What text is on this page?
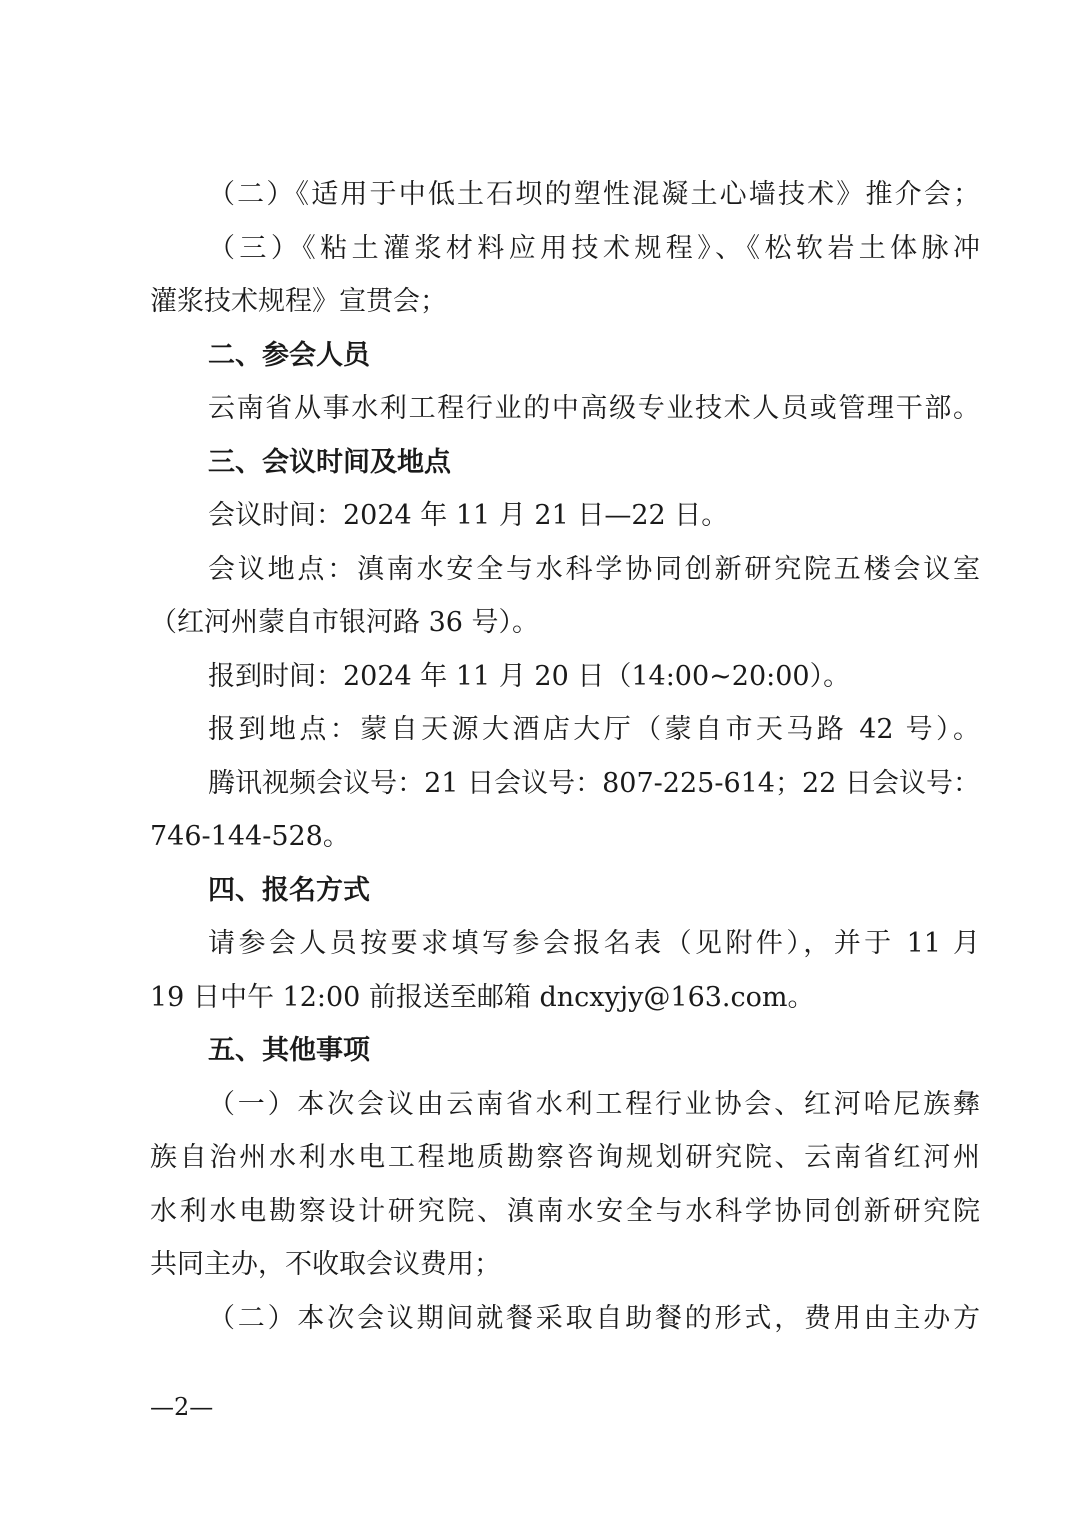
（二）《适用于中低土石坝的塑性混凝土心墙技术》推介会；
（三）《粘土灌浆材料应用技术规程》、《松软岩土体脉冲
灌浆技术规程》宣贯会；
二、参会人员
云南省从事水利工程行业的中高级专业技术人员或管理干部。
三、会议时间及地点
会议时间：2024 年 11 月 21 日—22 日。
会议地点：滇南水安全与水科学协同创新研究院五楼会议室
（红河州蒙自市银河路 36 号）。
报到时间：2024 年 11 月 20 日（14:00~20:00）。
报到地点：蒙自天源大酒店大厅（蒙自市天马路 42 号）。
腾讯视频会议号：21 日会议号：807-225-614；22 日会议号：
746-144-528。
四、报名方式
请参会人员按要求填写参会报名表（见附件），并于 11 月
19 日中午 12:00 前报送至邮箱 dncxyjy@163.com。
五、其他事项
（一）本次会议由云南省水利工程行业协会、红河哈尼族彝
族自治州水利水电工程地质勘察咨询规划研究院、云南省红河州
水利水电勘察设计研究院、滇南水安全与水科学协同创新研究院
共同主办，不收取会议费用；
（二）本次会议期间就餐采取自助餐的形式，费用由主办方
—2—
